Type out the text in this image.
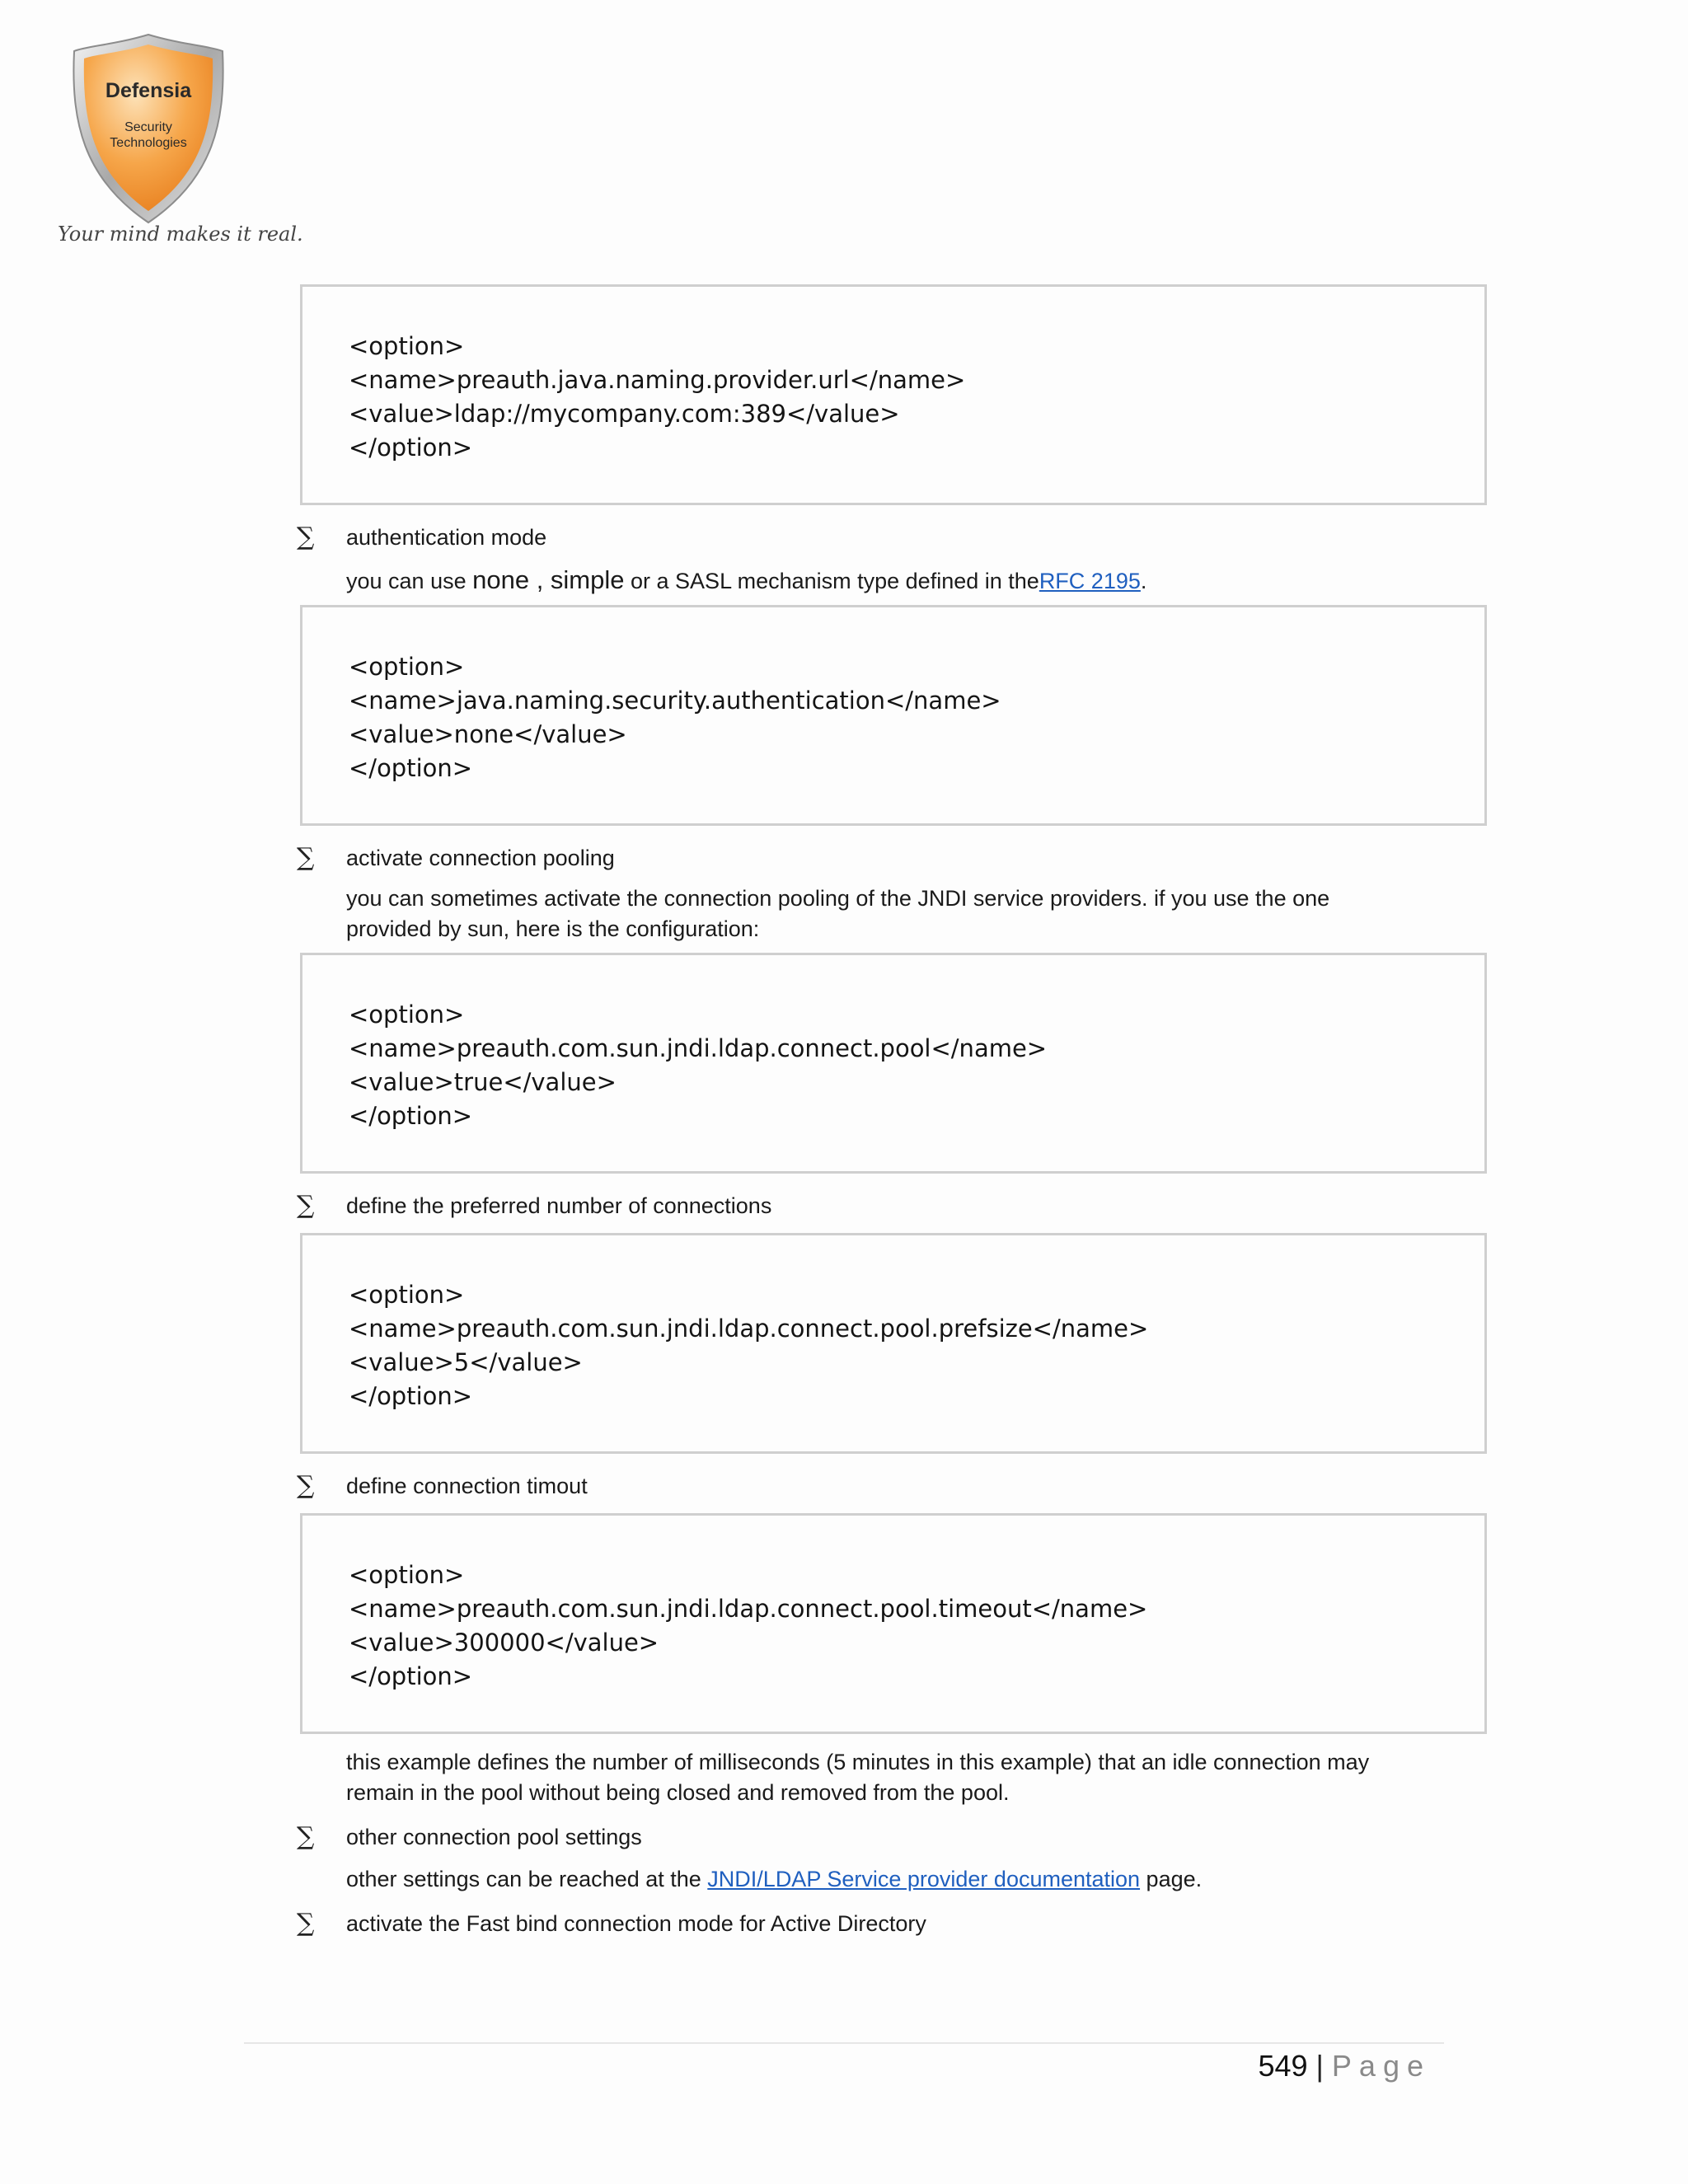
Defensia
Security
Technologies
Your mind makes it real.
<option>
<name>preauth.java.naming.provider.url</name>
<value>ldap://mycompany.com:389</value>
</option>
∑ authentication mode
you can use none , simple or a SASL mechanism type defined in theRFC 2195.
<option>
<name>java.naming.security.authentication</name>
<value>none</value>
</option>
∑ activate connection pooling
you can sometimes activate the connection pooling of the JNDI service providers. if you use the one provided by sun, here is the configuration:
<option>
<name>preauth.com.sun.jndi.ldap.connect.pool</name>
<value>true</value>
</option>
∑ define the preferred number of connections
<option>
<name>preauth.com.sun.jndi.ldap.connect.pool.prefsize</name>
<value>5</value>
</option>
∑ define connection timout
<option>
<name>preauth.com.sun.jndi.ldap.connect.pool.timeout</name>
<value>300000</value>
</option>
this example defines the number of milliseconds (5 minutes in this example) that an idle connection may remain in the pool without being closed and removed from the pool.
∑ other connection pool settings
other settings can be reached at the JNDI/LDAP Service provider documentation page.
∑ activate the Fast bind connection mode for Active Directory
549 | Page
